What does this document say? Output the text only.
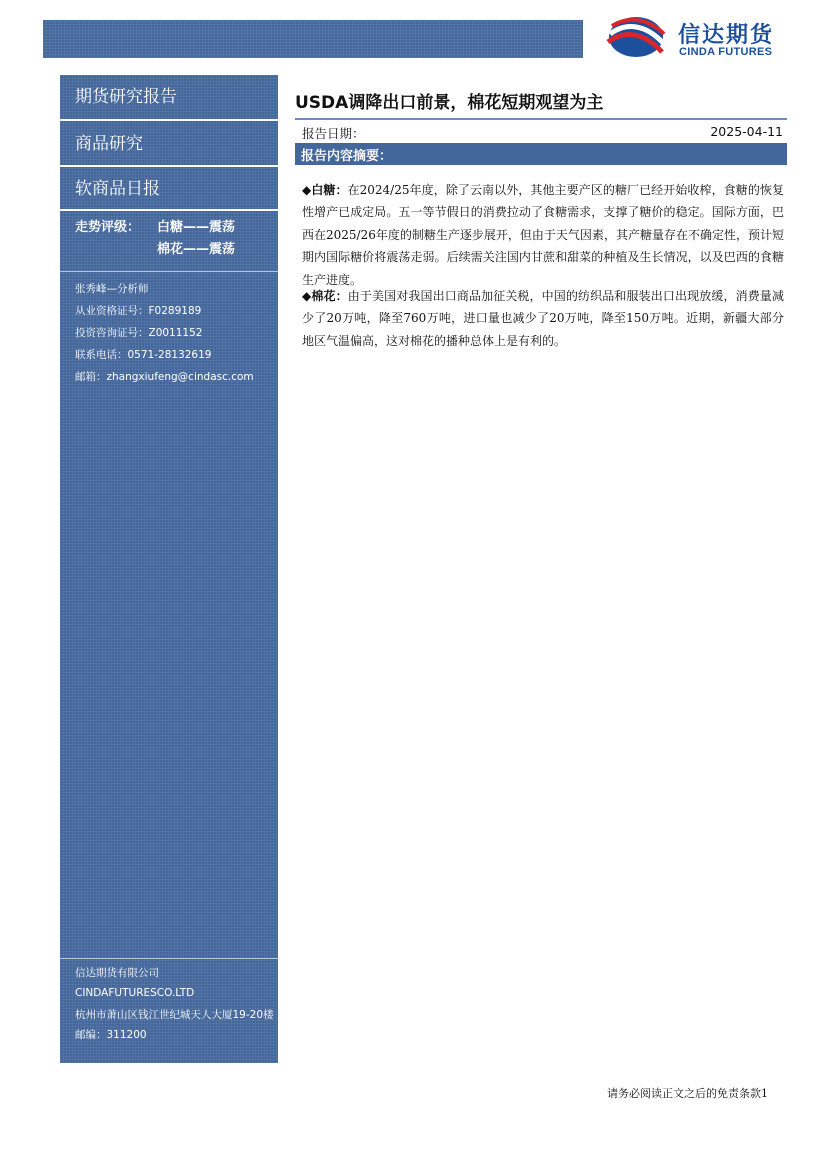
信达期货
CINDA FUTURES
期货研究报告
商品研究
软商品日报
走势评级： 白糖——震荡
棉花——震荡
张秀峰—分析师
从业资格证号：F0289189
投资咨询证号：Z0011152
联系电话：0571-28132619
邮箱：zhangxiufeng@cindasc.com
信达期货有限公司
CINDAFUTURESCO.LTD
杭州市萧山区钱江世纪城天人大厦19-20楼
邮编：311200
USDA调降出口前景，棉花短期观望为主
报告日期：	2025-04-11
报告内容摘要：
◆白糖：在2024/25年度，除了云南以外，其他主要产区的糖厂已经开始收榨，食糖的恢复性增产已成定局。五一等节假日的消费拉动了食糖需求，支撑了糖价的稳定。国际方面，巴西在2025/26年度的制糖生产逐步展开，但由于天气因素，其产糖量存在不确定性，预计短期内国际糖价将震荡走弱。后续需关注国内甘蔗和甜菜的种植及生长情况，以及巴西的食糖生产进度。
◆棉花：由于美国对我国出口商品加征关税，中国的纺织品和服装出口出现放缓，消费量减少了20万吨，降至760万吨，进口量也减少了20万吨，降至150万吨。近期，新疆大部分地区气温偏高，这对棉花的播种总体上是有利的。
请务必阅读正文之后的免责条款1
